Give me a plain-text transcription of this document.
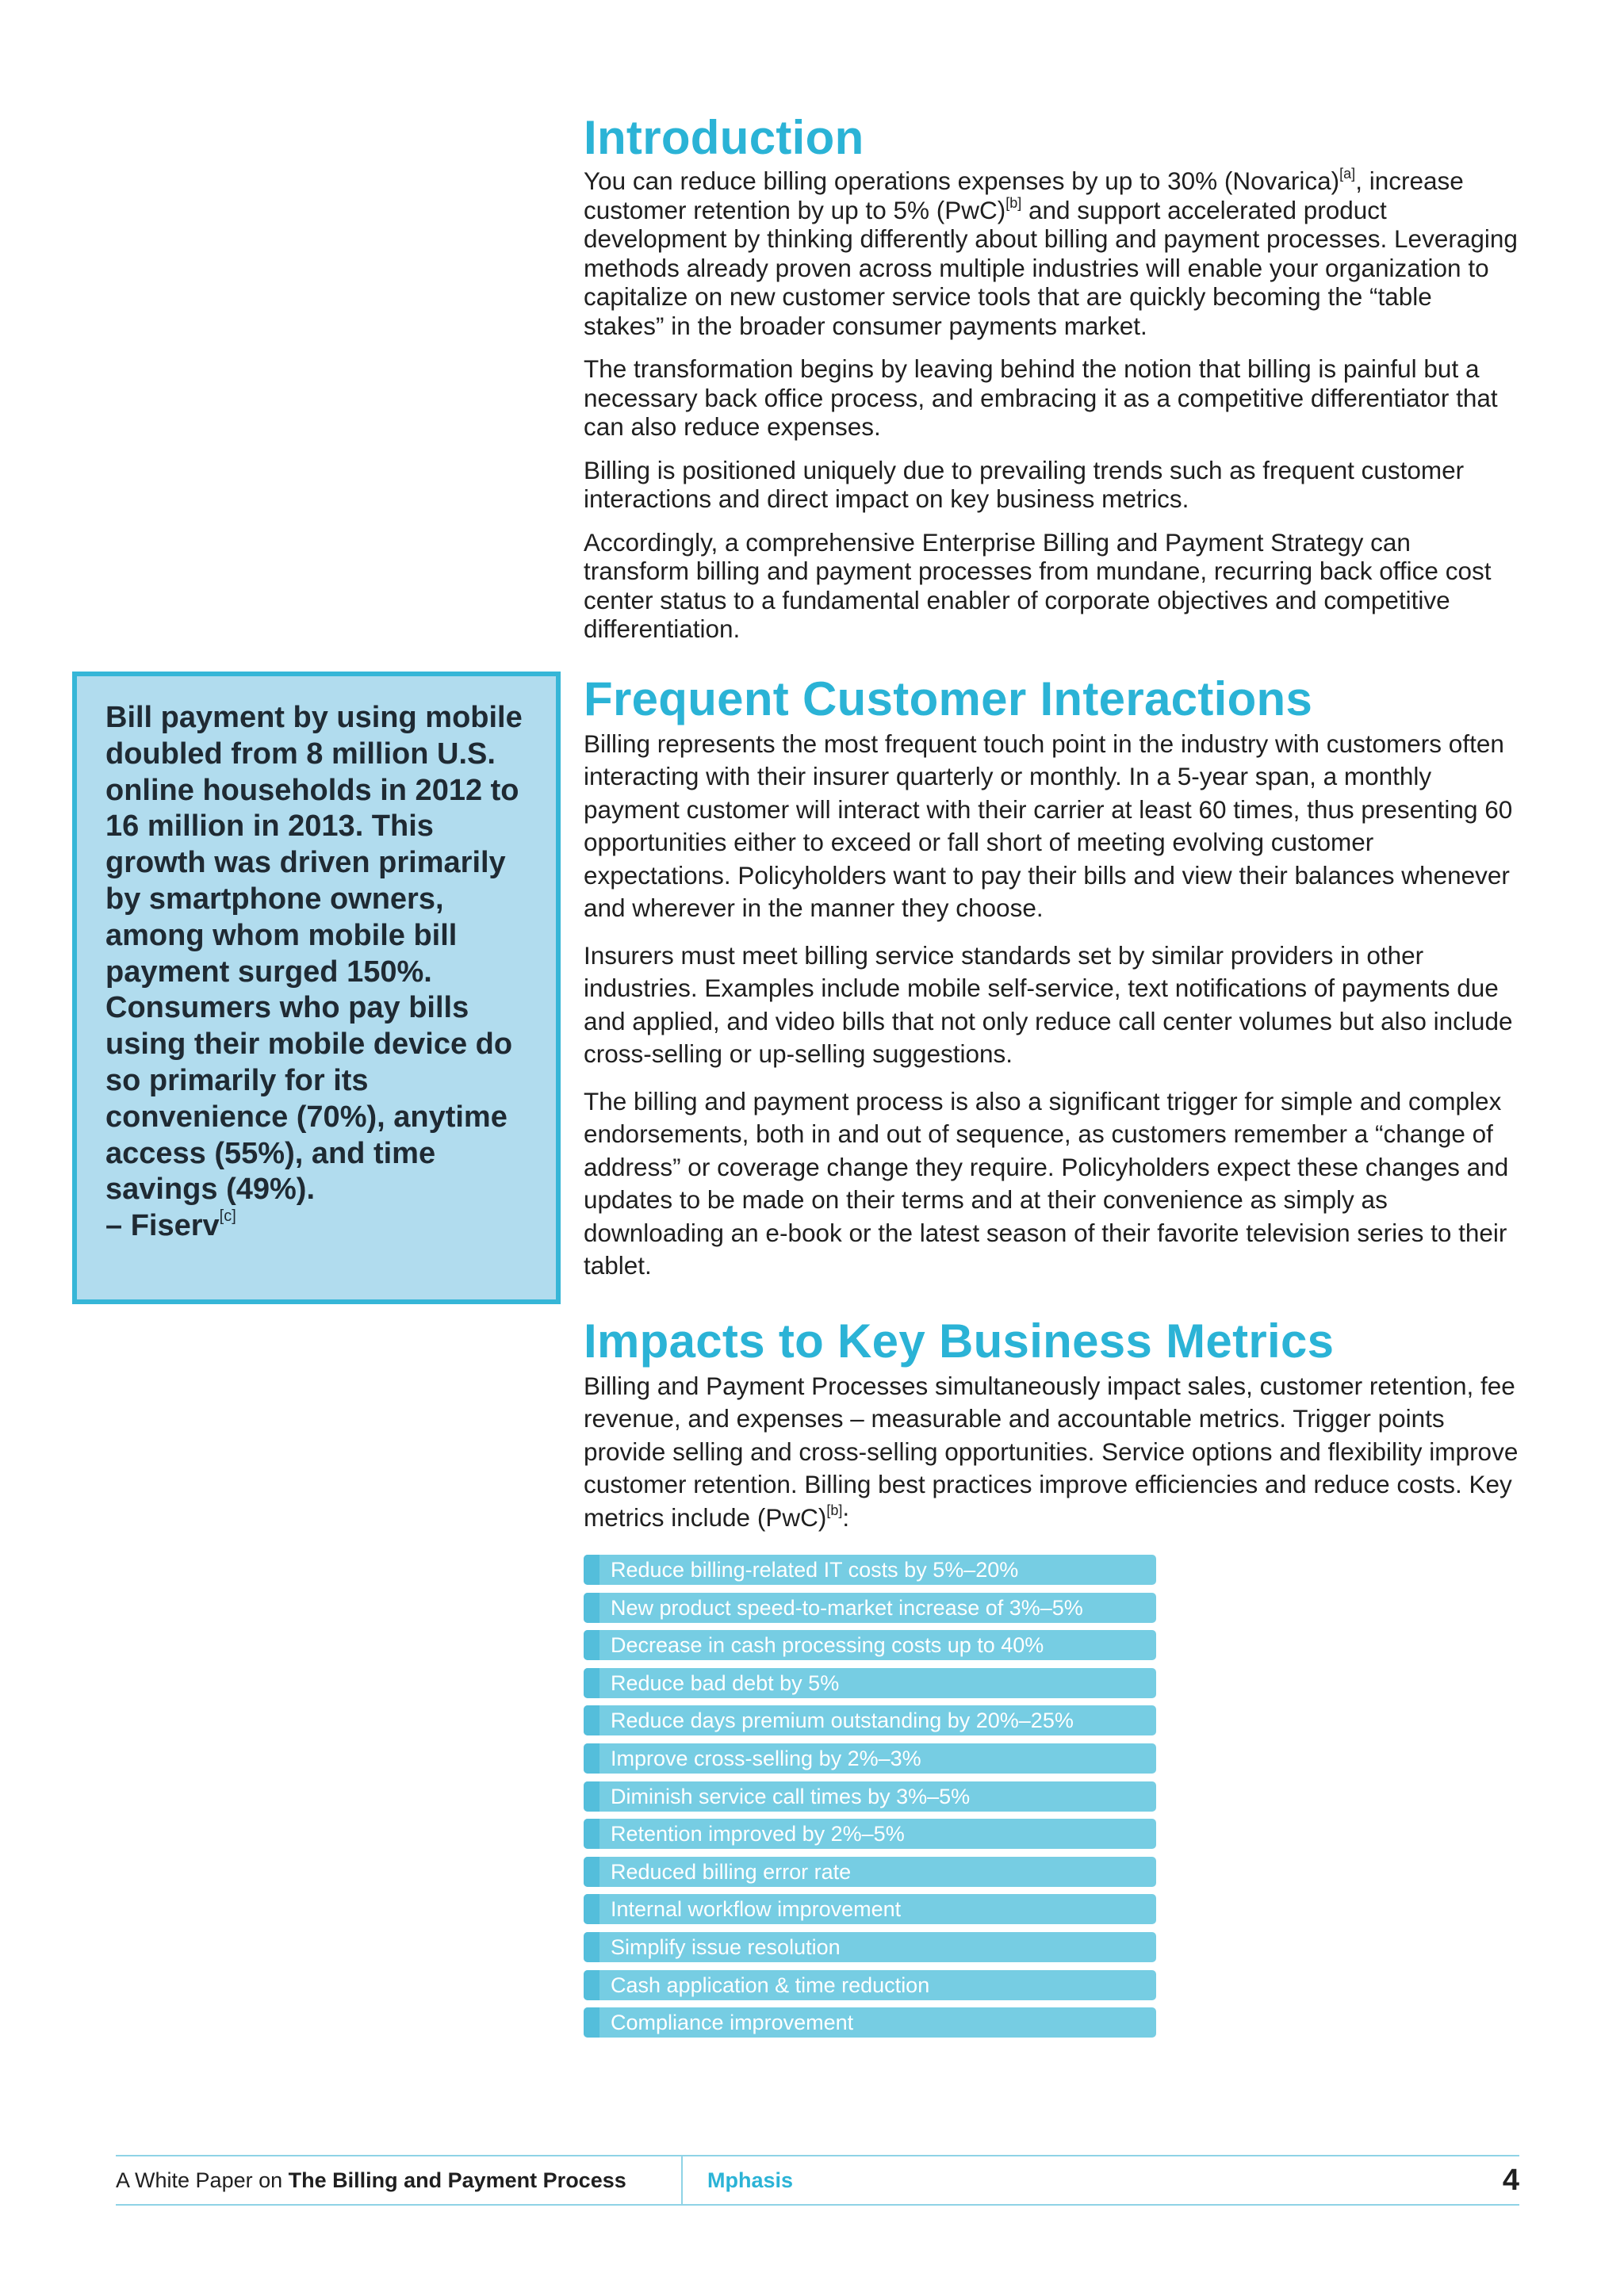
Introduction

You can reduce billing operations expenses by up to 30% (Novarica)[a], increase customer retention by up to 5% (PwC)[b] and support accelerated product development by thinking differently about billing and payment processes. Leveraging methods already proven across multiple industries will enable your organization to capitalize on new customer service tools that are quickly becoming the “table stakes” in the broader consumer payments market.

The transformation begins by leaving behind the notion that billing is painful but a necessary back office process, and embracing it as a competitive differentiator that can also reduce expenses.

Billing is positioned uniquely due to prevailing trends such as frequent customer interactions and direct impact on key business metrics.

Accordingly, a comprehensive Enterprise Billing and Payment Strategy can transform billing and payment processes from mundane, recurring back office cost center status to a fundamental enabler of corporate objectives and competitive differentiation.

Frequent Customer Interactions

Billing represents the most frequent touch point in the industry with customers often interacting with their insurer quarterly or monthly. In a 5-year span, a monthly payment customer will interact with their carrier at least 60 times, thus presenting 60 opportunities either to exceed or fall short of meeting evolving customer expectations. Policyholders want to pay their bills and view their balances whenever and wherever in the manner they choose.

Insurers must meet billing service standards set by similar providers in other industries. Examples include mobile self-service, text notifications of payments due and applied, and video bills that not only reduce call center volumes but also include cross-selling or up-selling suggestions.

The billing and payment process is also a significant trigger for simple and complex endorsements, both in and out of sequence, as customers remember a “change of address” or coverage change they require. Policyholders expect these changes and updates to be made on their terms and at their convenience as simply as downloading an e-book or the latest season of their favorite television series to their tablet.

Impacts to Key Business Metrics

Billing and Payment Processes simultaneously impact sales, customer retention, fee revenue, and expenses – measurable and accountable metrics. Trigger points provide selling and cross-selling opportunities. Service options and flexibility improve customer retention. Billing best practices improve efficiencies and reduce costs. Key metrics include (PwC)[b]:

Reduce billing-related IT costs by 5%–20%
New product speed-to-market increase of 3%–5%
Decrease in cash processing costs up to 40%
Reduce bad debt by 5%
Reduce days premium outstanding by 20%–25%
Improve cross-selling by 2%–3%
Diminish service call times by 3%–5%
Retention improved by 2%–5%
Reduced billing error rate
Internal workflow improvement
Simplify issue resolution
Cash application & time reduction
Compliance improvement

Bill payment by using mobile doubled from 8 million U.S. online households in 2012 to 16 million in 2013. This growth was driven primarily by smartphone owners, among whom mobile bill payment surged 150%. Consumers who pay bills using their mobile device do so primarily for its convenience (70%), anytime access (55%), and time savings (49%).

– Fiserv[c]

A White Paper on The Billing and Payment Process	Mphasis	4
